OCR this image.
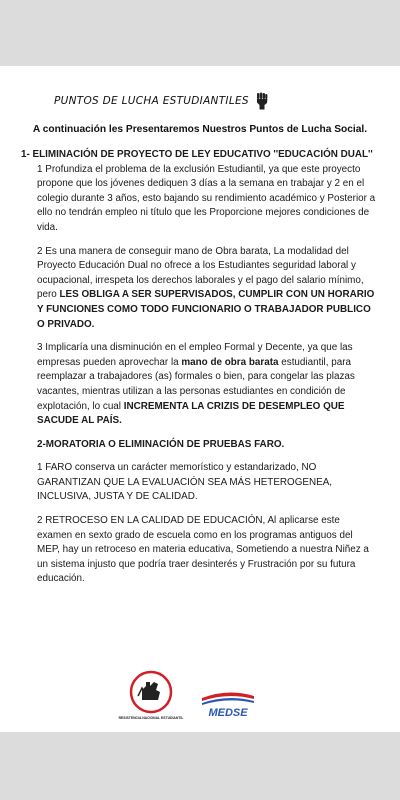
PUNTOS DE LUCHA ESTUDIANTILES
A continuación les Presentaremos Nuestros Puntos de Lucha Social.

1- ELIMINACIÓN DE PROYECTO DE LEY EDUCATIVO ''EDUCACIÓN DUAL''

1 Profundiza el problema de la exclusión Estudiantil, ya que este proyecto propone que los jóvenes dediquen 3 días a la semana en trabajar y 2 en el colegio durante 3 años, esto bajando su rendimiento académico y Posterior a ello no tendrán empleo ni título que les Proporcione mejores condiciones de vida.

2 Es una manera de conseguir mano de Obra barata, La modalidad del Proyecto Educación Dual no ofrece a los Estudiantes seguridad laboral y ocupacional, irrespeta los derechos laborales y el pago del salario mínimo, pero LES OBLIGA A SER SUPERVISADOS, CUMPLIR CON UN HORARIO Y FUNCIONES COMO TODO FUNCIONARIO O TRABAJADOR PUBLICO O PRIVADO.

3 Implicaría una disminución en el empleo Formal y Decente, ya que las empresas pueden aprovechar la mano de obra barata estudiantil, para reemplazar a trabajadores (as) formales o bien, para congelar las plazas vacantes, mientras utilizan a las personas estudiantes en condición de explotación, lo cual INCREMENTA LA CRIZIS DE DESEMPLEO QUE SACUDE AL PAÍS.

2-MORATORIA O ELIMINACIÓN DE PRUEBAS FARO.

1 FARO conserva un carácter memorístico y estandarizado, NO GARANTIZAN QUE LA EVALUACIÓN SEA MÁS HETEROGENEA, INCLUSIVA, JUSTA Y DE CALIDAD.

2 RETROCESO EN LA CALIDAD DE EDUCACIÓN, Al aplicarse este examen en sexto grado de escuela como en los programas antiguos del MEP, hay un retroceso en materia educativa, Sometiendo a nuestra Niñez a un sistema injusto que podría traer desinterés y Frustración por su futura educación.

RESISTENCIA NACIONAL ESTUDIANTIL MEDSE
